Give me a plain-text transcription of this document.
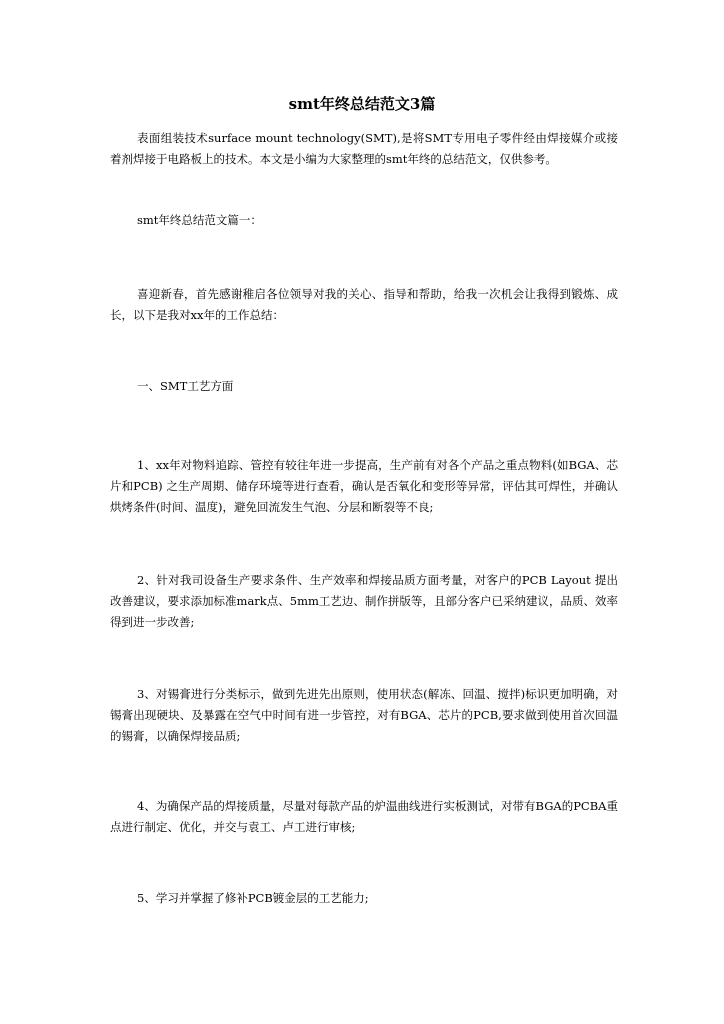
smt年终总结范文3篇
表面组装技术surface mount technology(SMT),是将SMT专用电子零件经由焊接媒介或接着剂焊接于电路板上的技术。本文是小编为大家整理的smt年终的总结范文，仅供参考。
smt年终总结范文篇一：
喜迎新春，首先感谢稚启各位领导对我的关心、指导和帮助，给我一次机会让我得到锻炼、成长，以下是我对xx年的工作总结：
一、SMT工艺方面
1、xx年对物料追踪、管控有较往年进一步提高，生产前有对各个产品之重点物料(如BGA、芯片和PCB) 之生产周期、储存环境等进行查看，确认是否氧化和变形等异常，评估其可焊性，并确认烘烤条件(时间、温度)，避免回流发生气泡、分层和断裂等不良;
2、针对我司设备生产要求条件、生产效率和焊接品质方面考量，对客户的PCB Layout 提出改善建议，要求添加标准mark点、5mm工艺边、制作拼版等，且部分客户已采纳建议，品质、效率得到进一步改善;
3、对锡膏进行分类标示，做到先进先出原则，使用状态(解冻、回温、搅拌)标识更加明确，对锡膏出现硬块、及暴露在空气中时间有进一步管控，对有BGA、芯片的PCB,要求做到使用首次回温的锡膏，以确保焊接品质;
4、为确保产品的焊接质量，尽量对每款产品的炉温曲线进行实板测试，对带有BGA的PCBA重点进行制定、优化，并交与袁工、卢工进行审核;
5、学习并掌握了修补PCB镀金层的工艺能力;
